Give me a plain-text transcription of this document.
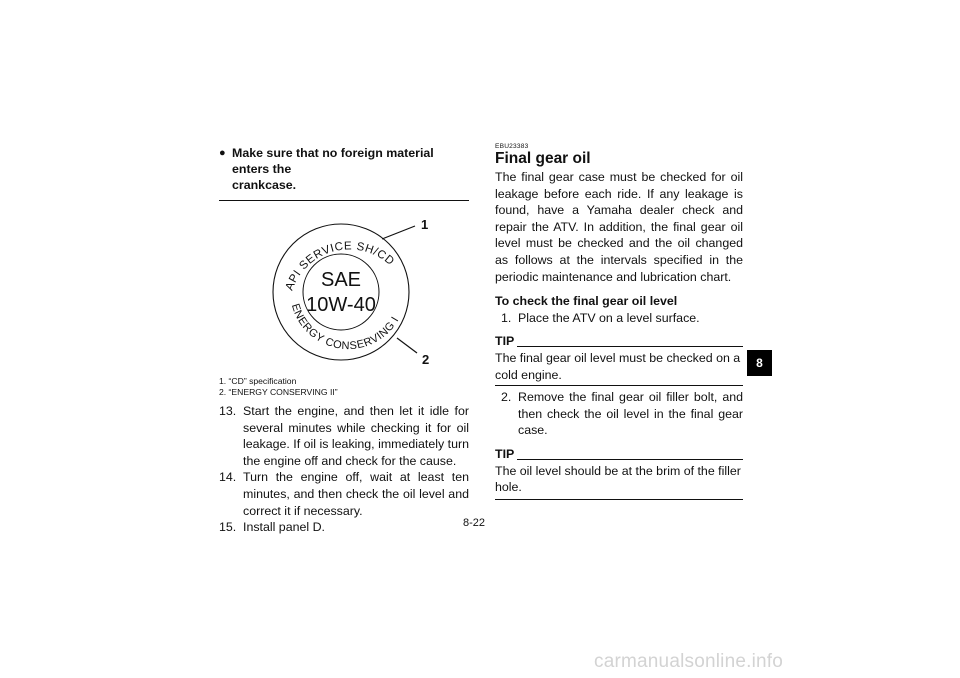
● Make sure that no foreign material enters the
crankcase.
API SERVICE SH/CD
ENERGY CONSERVING I
SAE
10W-40
1
2
1. “CD” specification
2. “ENERGY CONSERVING II”
13. Start the engine, and then let it idle for several minutes while checking it for oil leakage. If oil is leaking, immediately turn the engine off and check for the cause.
14. Turn the engine off, wait at least ten minutes, and then check the oil level and correct it if necessary.
15. Install panel D.
EBU23383
Final gear oil
The final gear case must be checked for oil leakage before each ride. If any leakage is found, have a Yamaha dealer check and repair the ATV. In addition, the final gear oil level must be checked and the oil changed as follows at the intervals specified in the periodic maintenance and lubrication chart.
To check the final gear oil level
1. Place the ATV on a level surface.
TIP
The final gear oil level must be checked on a cold engine.
2. Remove the final gear oil filler bolt, and then check the oil level in the final gear case.
TIP
The oil level should be at the brim of the filler hole.
8
8-22
carmanualsonline.info
